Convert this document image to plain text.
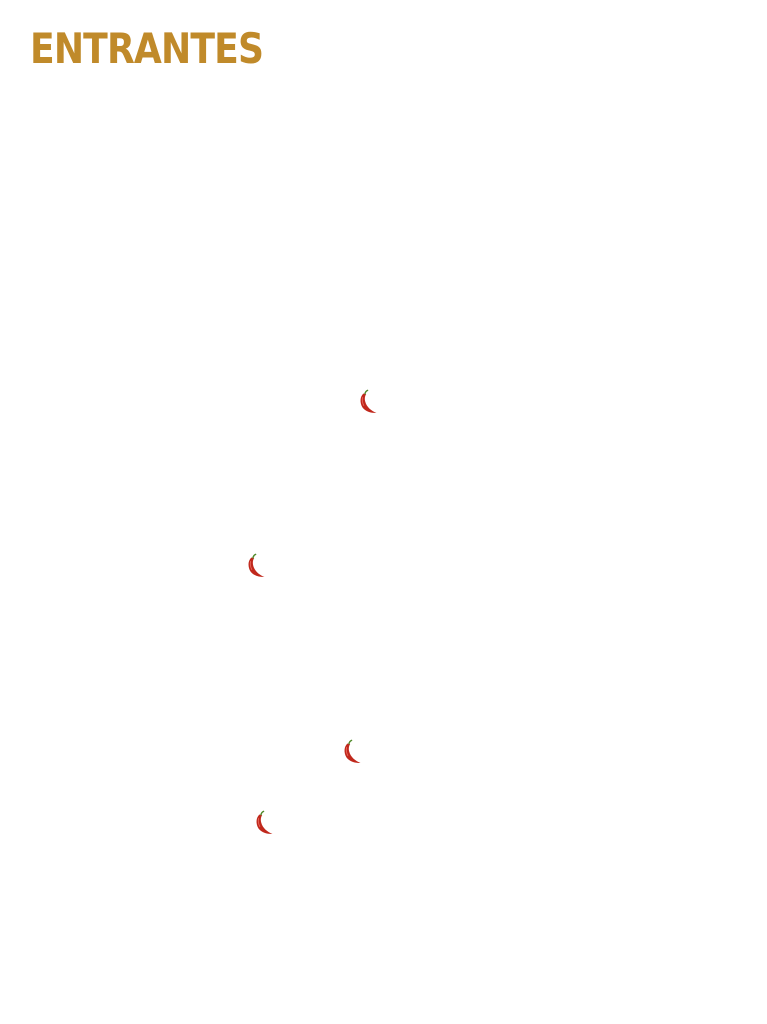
ENTRANTES
